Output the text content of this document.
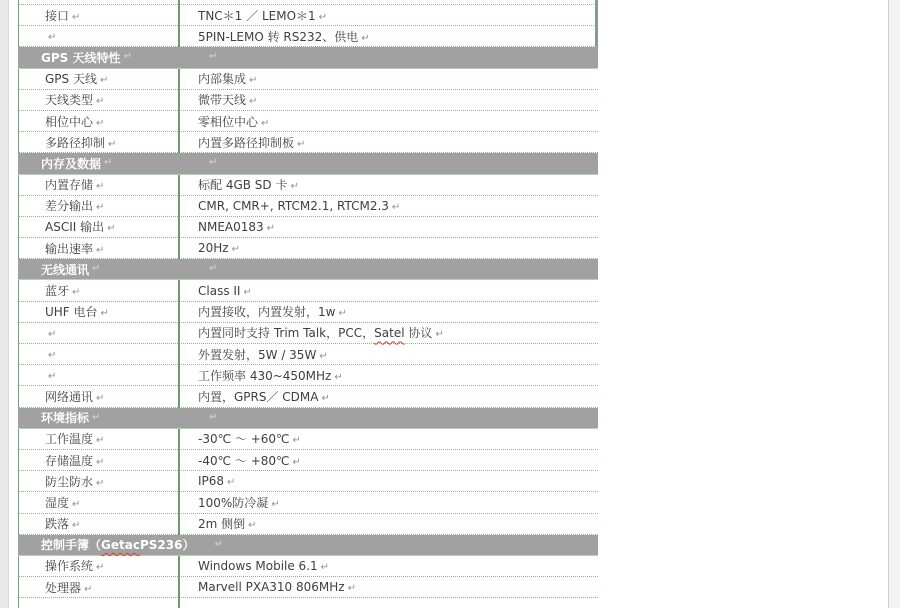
接口 ↵	TNC＊1 ／ LEMO＊1 ↵
↵	5PIN-LEMO 转 RS232、供电 ↵
GPS 天线特性 ↵	↵
GPS 天线 ↵	内部集成 ↵
天线类型 ↵	微带天线 ↵
相位中心 ↵	零相位中心 ↵
多路径抑制 ↵	内置多路径抑制板 ↵
内存及数据 ↵	↵
内置存储 ↵	标配 4GB SD 卡 ↵
差分输出 ↵	CMR, CMR+, RTCM2.1, RTCM2.3 ↵
ASCII 输出 ↵	NMEA0183 ↵
输出速率 ↵	20Hz ↵
无线通讯 ↵	↵
蓝牙 ↵	Class II ↵
UHF 电台 ↵	内置接收，内置发射，1w ↵
↵	内置同时支持 Trim Talk，PCC，Satel 协议 ↵
↵	外置发射，5W / 35W ↵
↵	工作频率 430~450MHz ↵
网络通讯 ↵	内置，GPRS／ CDMA ↵
环境指标 ↵	↵
工作温度 ↵	-30℃ ～ +60℃ ↵
存储温度 ↵	-40℃ ～ +80℃ ↵
防尘防水 ↵	IP68 ↵
湿度 ↵	100%防冷凝 ↵
跌落 ↵	2m 侧倒 ↵
控制手簿（ Getac PS236） ↵
操作系统 ↵	Windows Mobile 6.1 ↵
处理器 ↵	Marvell PXA310 806MHz ↵
